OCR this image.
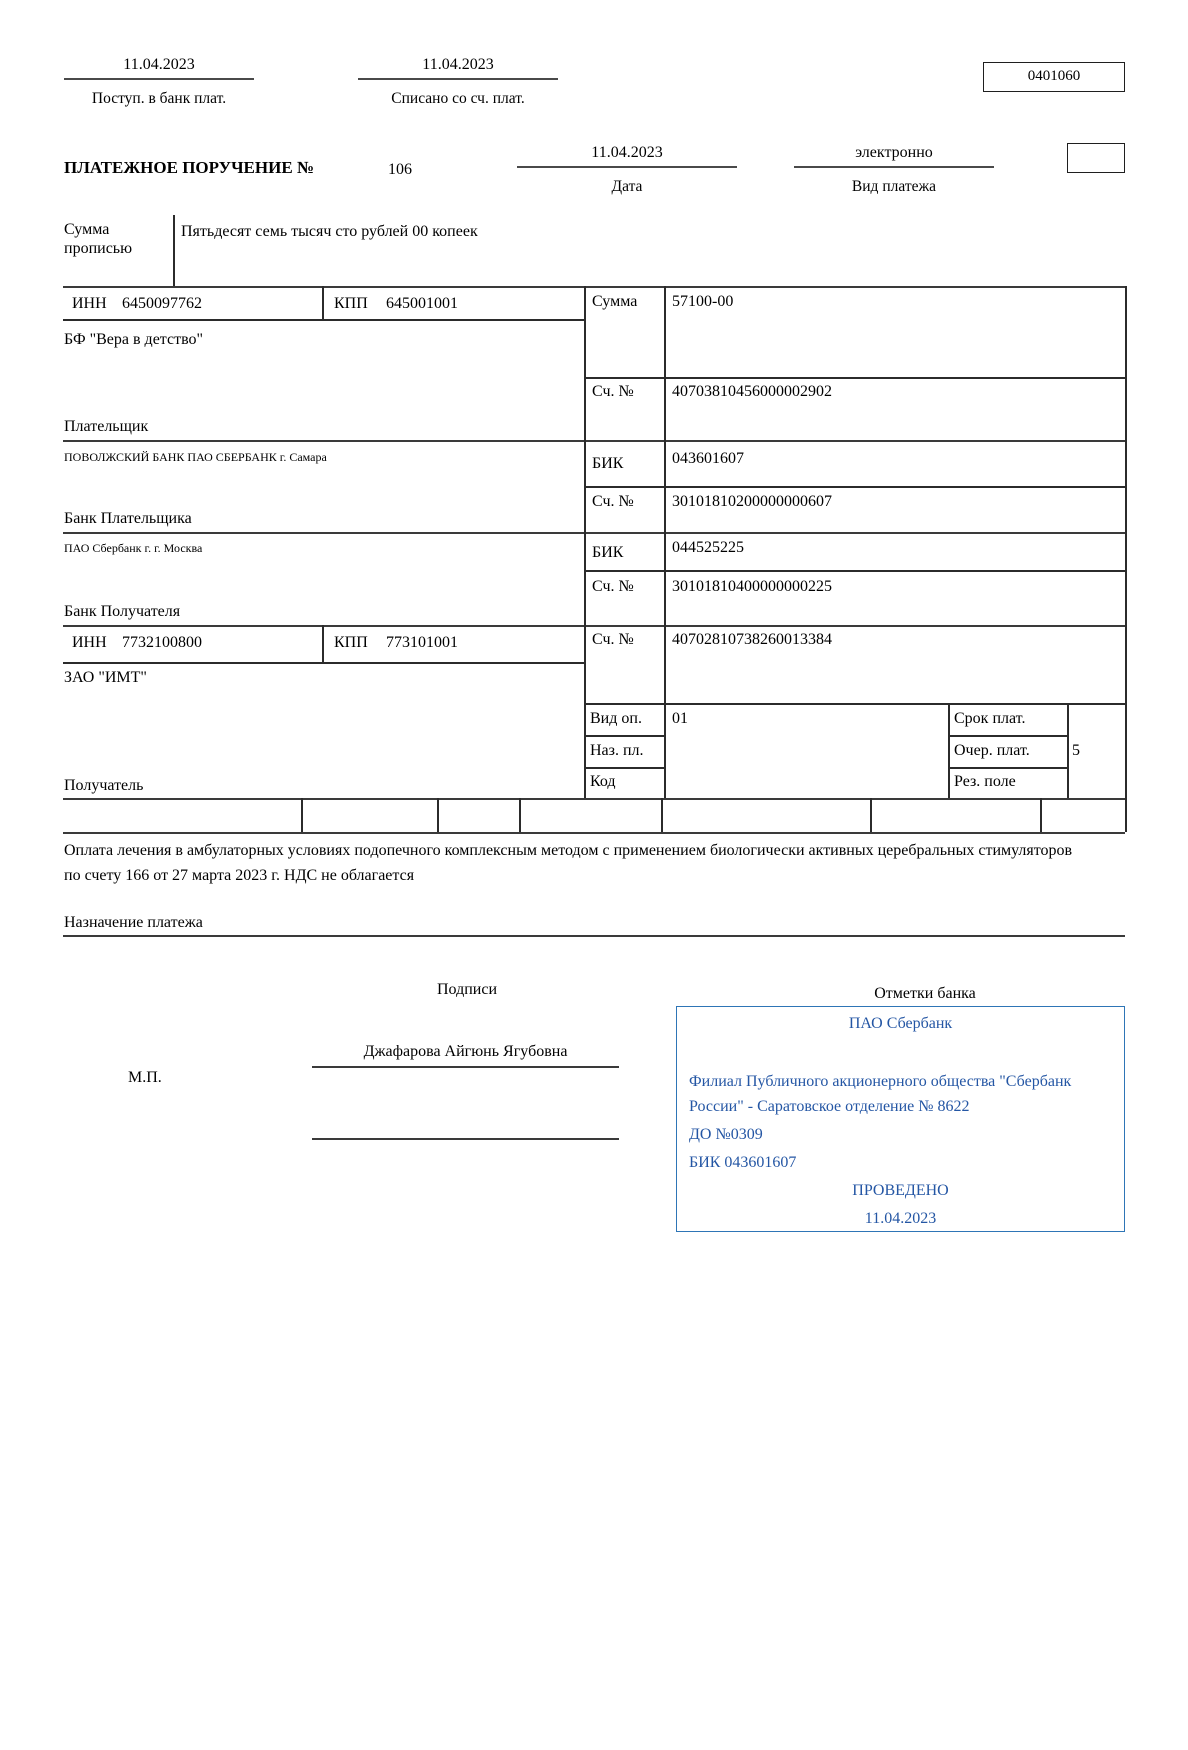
11.04.2023
Поступ. в банк плат.
11.04.2023
Списано со сч. плат.
0401060
ПЛАТЕЖНОЕ ПОРУЧЕНИЕ №	106
11.04.2023
Дата
электронно
Вид платежа
Сумма прописью
Пятьдесят семь тысяч сто рублей 00 копеек
ИНН 6450097762	КПП 645001001	Сумма 57100-00
БФ "Вера в детство"
Сч. № 40703810456000002902
Плательщик
ПОВОЛЖСКИЙ БАНК ПАО СБЕРБАНК г. Самара	БИК	043601607
Сч. № 30101810200000000607
Банк Плательщика
ПАО Сбербанк г. г. Москва	БИК	044525225
Сч. № 30101810400000000225
Банк Получателя
ИНН 7732100800	КПП 773101001	Сч. № 40702810738260013384
ЗАО "ИМТ"
Вид оп. 01	Срок плат.
Наз. пл.	Очер. плат.	5
Код	Рез. поле
Получатель
Оплата лечения в амбулаторных условиях подопечного комплексным методом с применением биологически активных церебральных стимуляторов
по счету 166 от 27 марта 2023 г. НДС не облагается
Назначение платежа
Подписи	Отметки банка
Джафарова Айгюнь Ягубовна
М.П.
ПАО Сбербанк
Филиал Публичного акционерного общества "Сбербанк
России" - Саратовское отделение № 8622
ДО №0309
БИК 043601607
ПРОВЕДЕНО
11.04.2023
